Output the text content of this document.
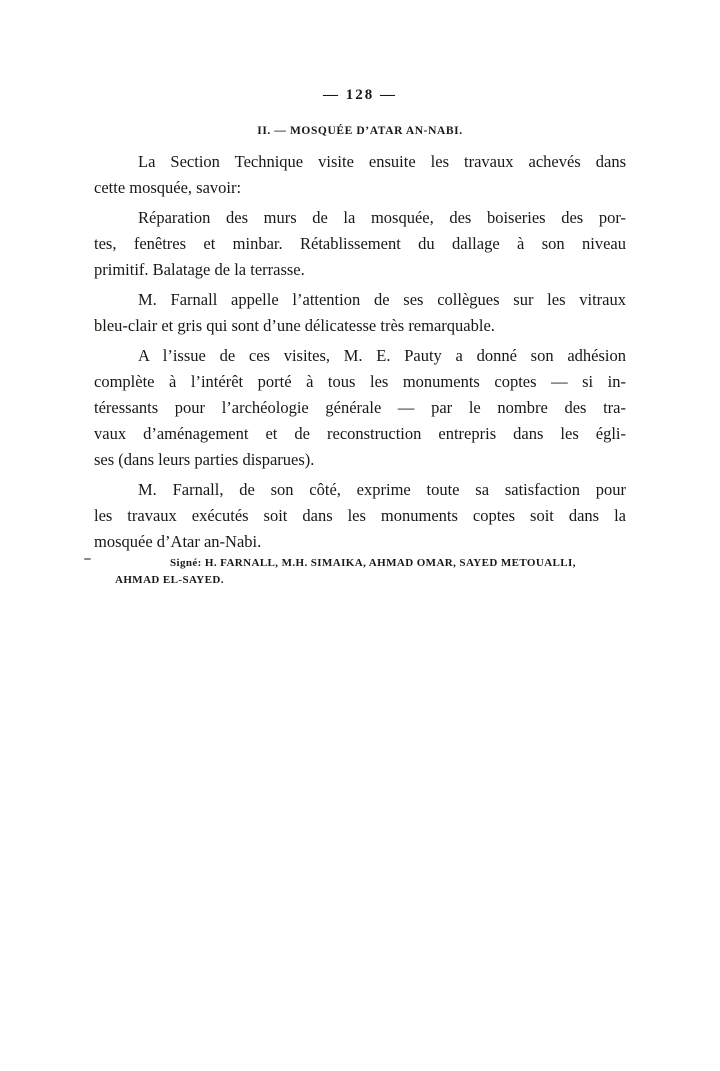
— 128 —
II. — MOSQUÉE D’ATAR AN-NABI.
La Section Technique visite ensuite les travaux achevés dans
cette mosquée, savoir:
Réparation des murs de la mosquée, des boiseries des por-
tes, fenêtres et minbar. Rétablissement du dallage à son niveau
primitif. Balatage de la terrasse.
M. Farnall appelle l’attention de ses collègues sur les vitraux
bleu-clair et gris qui sont d’une délicatesse très remarquable.
A l’issue de ces visites, M. E. Pauty a donné son adhésion
complète à l’intérêt porté à tous les monuments coptes — si in-
téressants pour l’archéologie générale — par le nombre des tra-
vaux d’aménagement et de reconstruction entrepris dans les égli-
ses (dans leurs parties disparues).
M. Farnall, de son côté, exprime toute sa satisfaction pour
les travaux exécutés soit dans les monuments coptes soit dans la
mosquée d’Atar an-Nabi.
Signé: H. FARNALL, M.H. SIMAIKA, AHMAD OMAR, SAYED METOUALLI,
AHMAD EL-SAYED.
